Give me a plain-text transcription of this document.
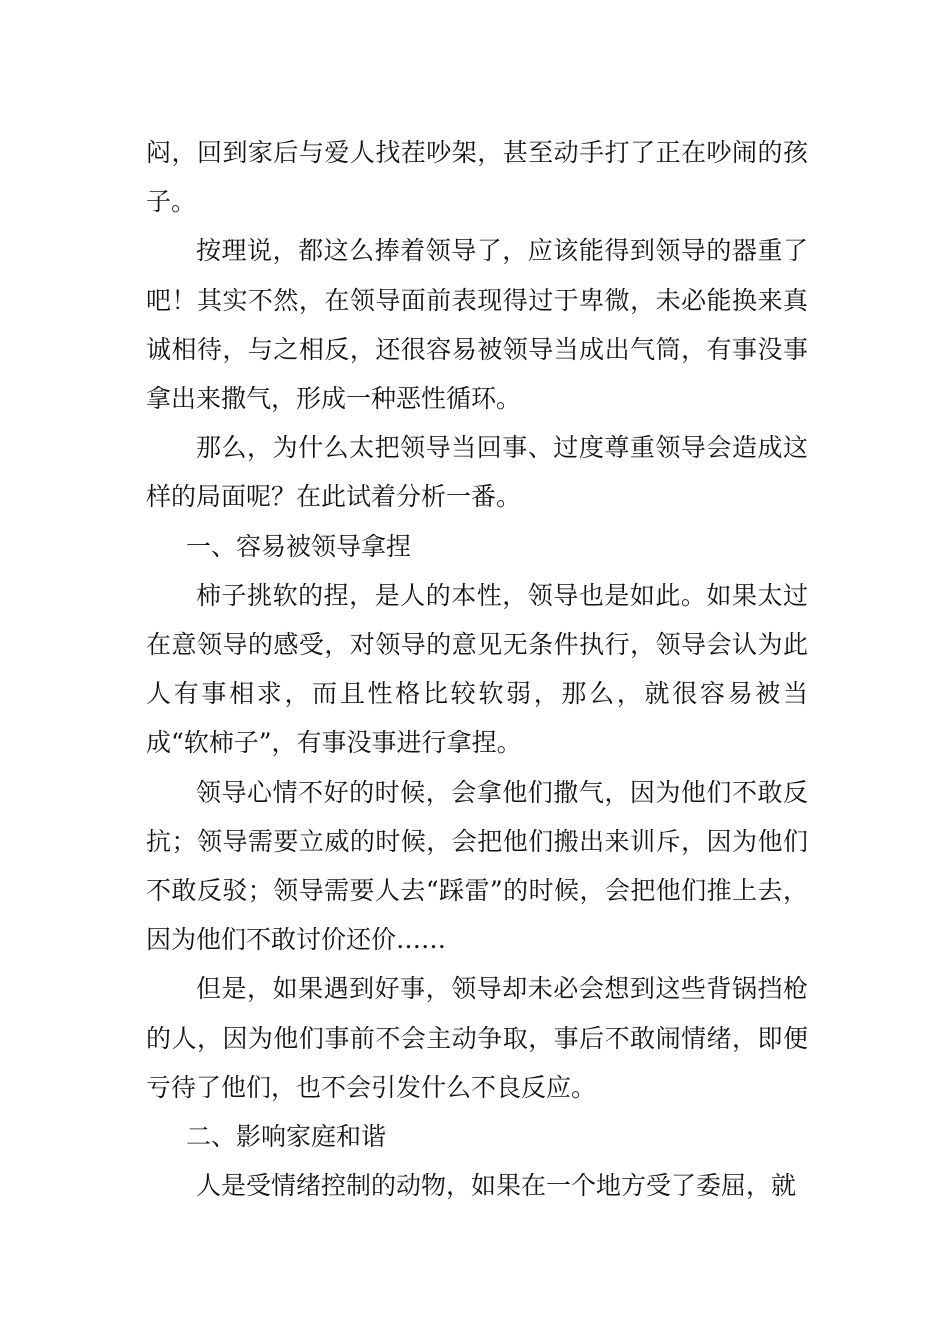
闷，回到家后与爱人找茬吵架，甚至动手打了正在吵闹的孩子。

按理说，都这么捧着领导了，应该能得到领导的器重了吧！其实不然，在领导面前表现得过于卑微，未必能换来真诚相待，与之相反，还很容易被领导当成出气筒，有事没事拿出来撒气，形成一种恶性循环。

那么，为什么太把领导当回事、过度尊重领导会造成这样的局面呢？在此试着分析一番。

一、容易被领导拿捏

柿子挑软的捏，是人的本性，领导也是如此。如果太过在意领导的感受，对领导的意见无条件执行，领导会认为此人有事相求，而且性格比较软弱，那么，就很容易被当成“软柿子”，有事没事进行拿捏。

领导心情不好的时候，会拿他们撒气，因为他们不敢反抗；领导需要立威的时候，会把他们搬出来训斥，因为他们不敢反驳；领导需要人去“踩雷”的时候，会把他们推上去，因为他们不敢讨价还价……

但是，如果遇到好事，领导却未必会想到这些背锅挡枪的人，因为他们事前不会主动争取，事后不敢闹情绪，即便亏待了他们，也不会引发什么不良反应。

二、影响家庭和谐

人是受情绪控制的动物，如果在一个地方受了委屈，就
